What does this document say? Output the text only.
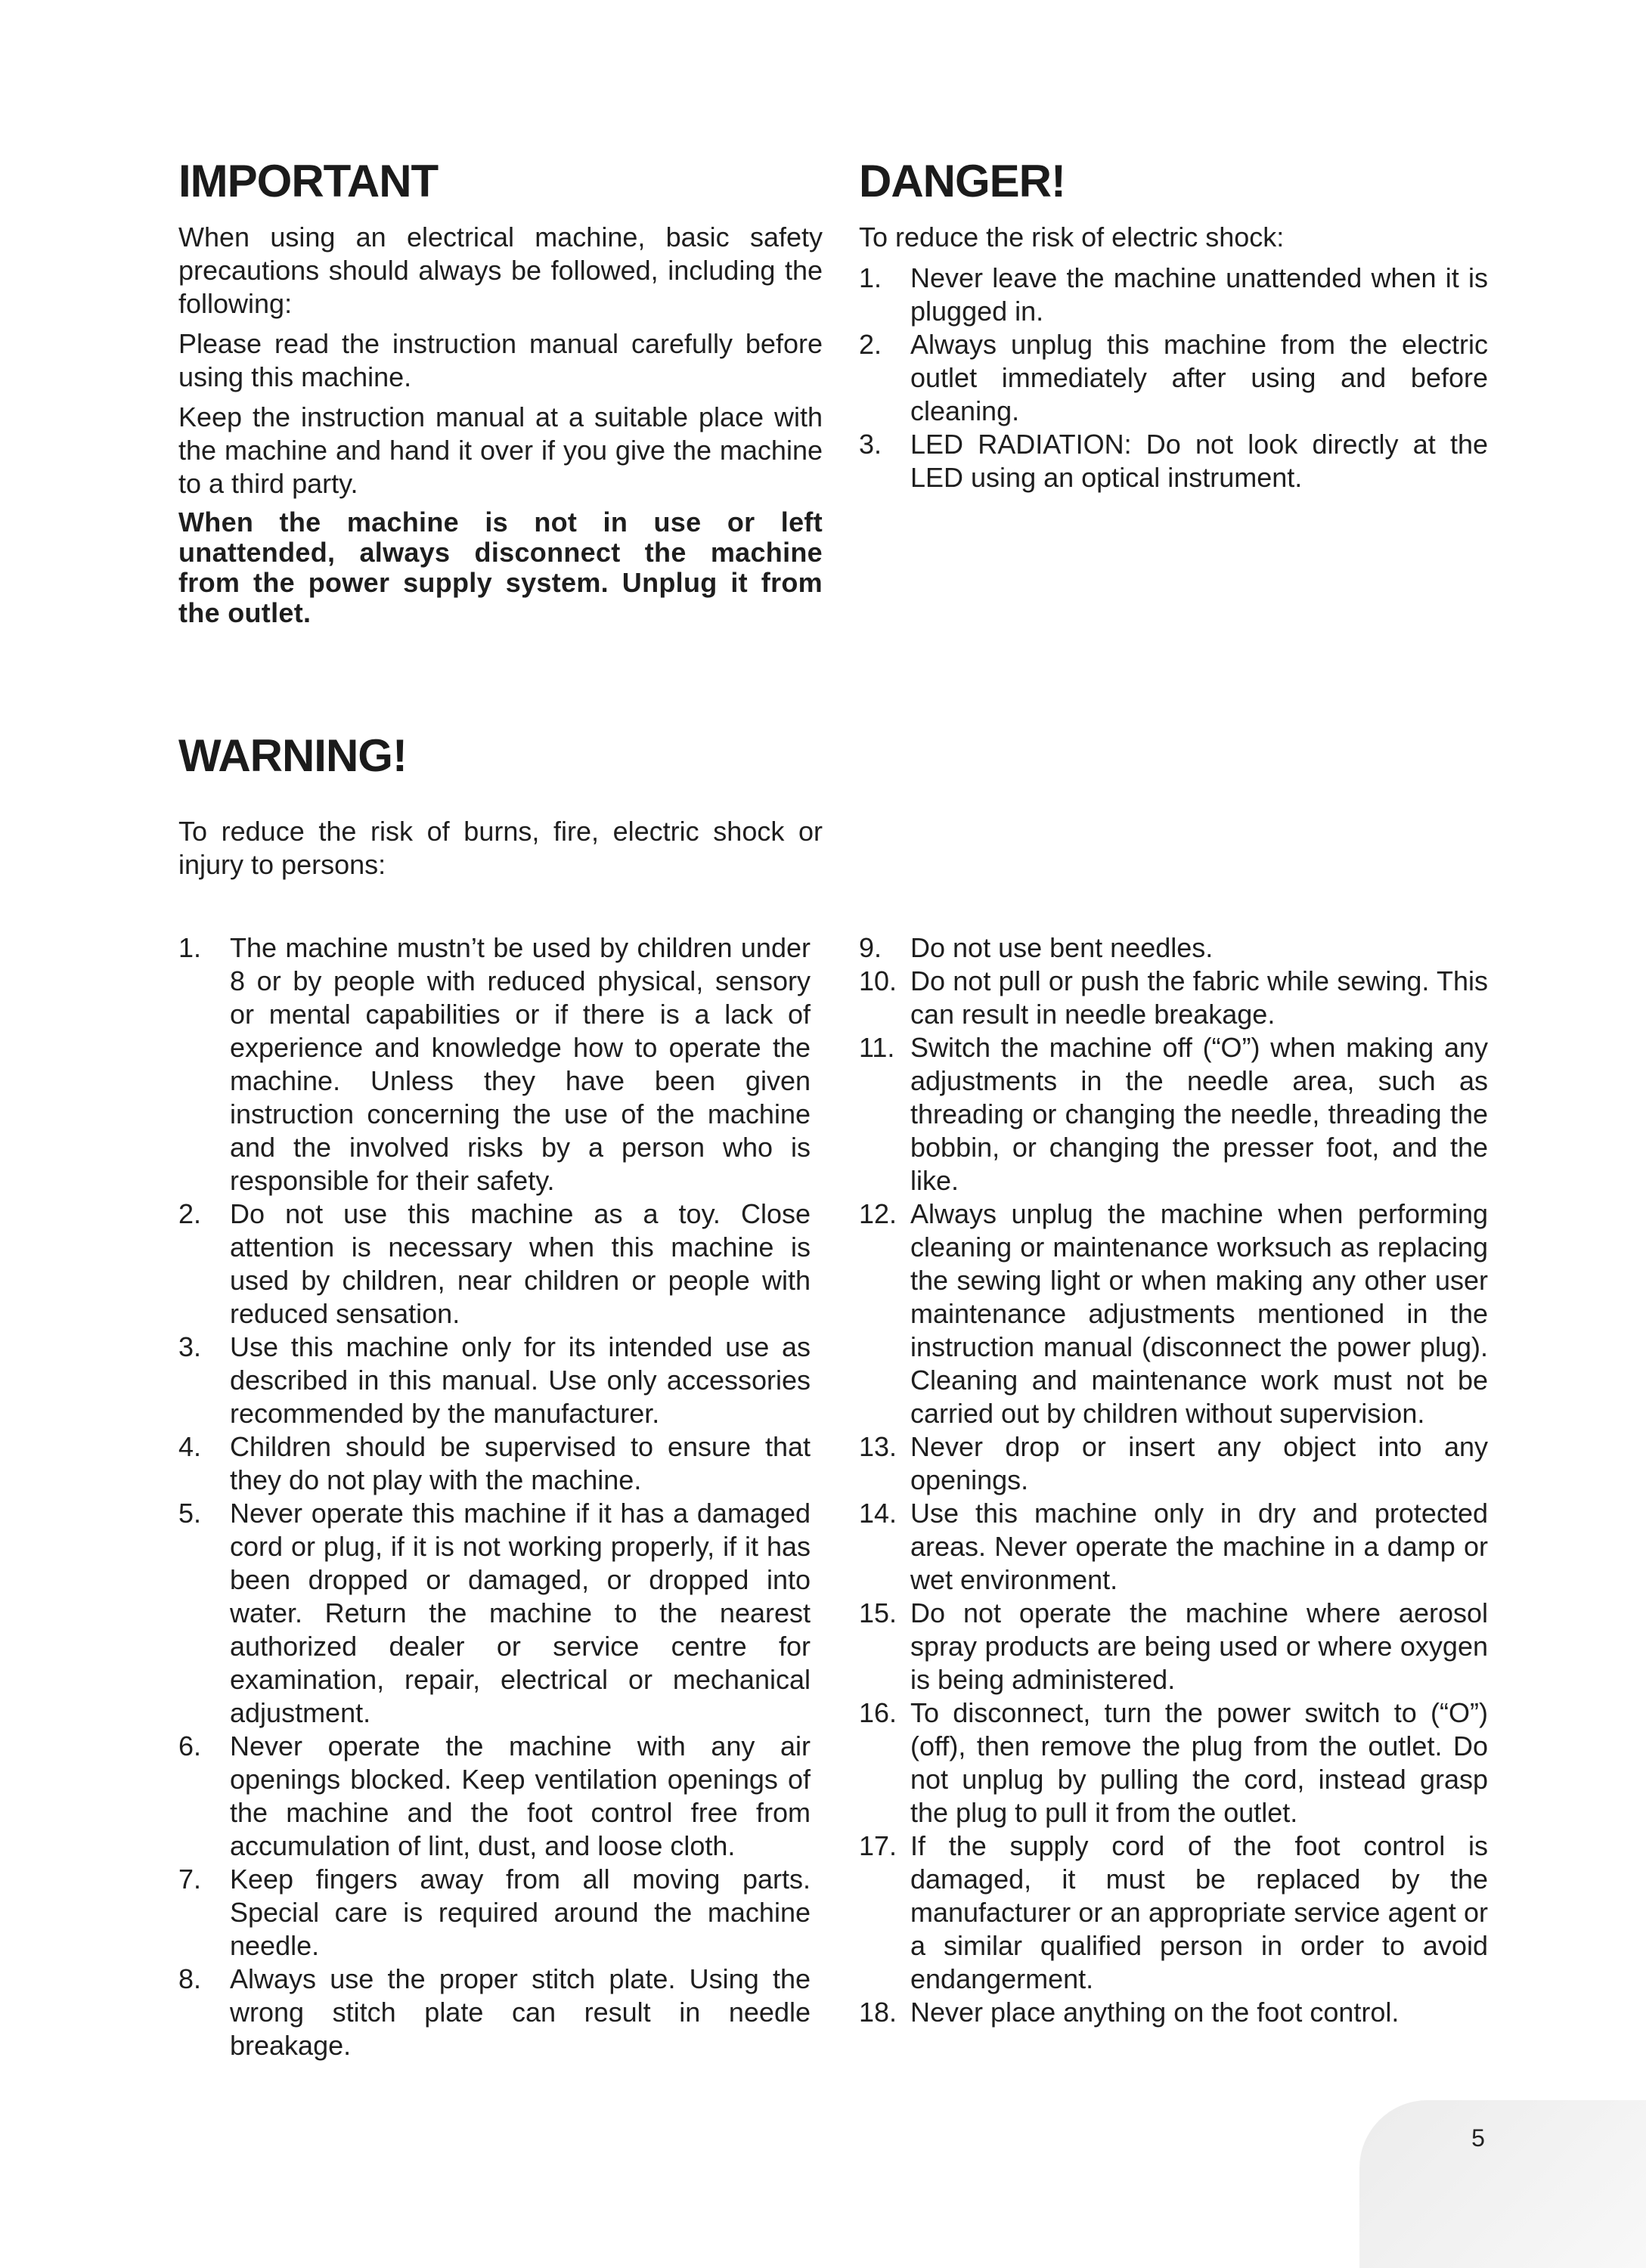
IMPORTANT

When using an electrical machine, basic safety precautions should always be followed, including the following:

Please read the instruction manual carefully before using this machine.

Keep the instruction manual at a suitable place with the machine and hand it over if you give the machine to a third party.

When the machine is not in use or left unattended, always disconnect the machine from the power supply system. Unplug it from the outlet.

DANGER!

To reduce the risk of electric shock:

1. Never leave the machine unattended when it is plugged in.
2. Always unplug this machine from the electric outlet immediately after using and before cleaning.
3. LED RADIATION: Do not look directly at the LED using an optical instrument.
WARNING!

To reduce the risk of burns, fire, electric shock or injury to persons:

1. The machine mustn’t be used by children under 8 or by people with reduced physical, sensory or mental capabilities or if there is a lack of experience and knowledge how to operate the machine. Unless they have been given instruction concerning the use of the machine and the involved risks by a person who is responsible for their safety.
2. Do not use this machine as a toy. Close attention is necessary when this machine is used by children, near children or people with reduced sensation.
3. Use this machine only for its intended use as described in this manual. Use only accessories recommended by the manufacturer.
4. Children should be supervised to ensure that they do not play with the machine.
5. Never operate this machine if it has a damaged cord or plug, if it is not working properly, if it has been dropped or damaged, or dropped into water. Return the machine to the nearest authorized dealer or service centre for examination, repair, electrical or mechanical adjustment.
6. Never operate the machine with any air openings blocked. Keep ventilation openings of the machine and the foot control free from accumulation of lint, dust, and loose cloth.
7. Keep fingers away from all moving parts. Special care is required around the machine needle.
8. Always use the proper stitch plate. Using the wrong stitch plate can result in needle breakage.
9. Do not use bent needles.
10. Do not pull or push the fabric while sewing. This can result in needle breakage.
11. Switch the machine off (“O”) when making any adjustments in the needle area, such as threading or changing the needle, threading the bobbin, or changing the presser foot, and the like.
12. Always unplug the machine when performing cleaning or maintenance worksuch as replacing the sewing light or when making any other user maintenance adjustments mentioned in the instruction manual (disconnect the power plug). Cleaning and maintenance work must not be carried out by children without supervision.
13. Never drop or insert any object into any openings.
14. Use this machine only in dry and protected areas. Never operate the machine in a damp or wet environment.
15. Do not operate the machine where aerosol spray products are being used or where oxygen is being administered.
16. To disconnect, turn the power switch to (“O”) (off), then remove the plug from the outlet. Do not unplug by pulling the cord, instead grasp the plug to pull it from the outlet.
17. If the supply cord of the foot control is damaged, it must be replaced by the manufacturer or an appropriate service agent or a similar qualified person in order to avoid endangerment.
18. Never place anything on the foot control.
5
